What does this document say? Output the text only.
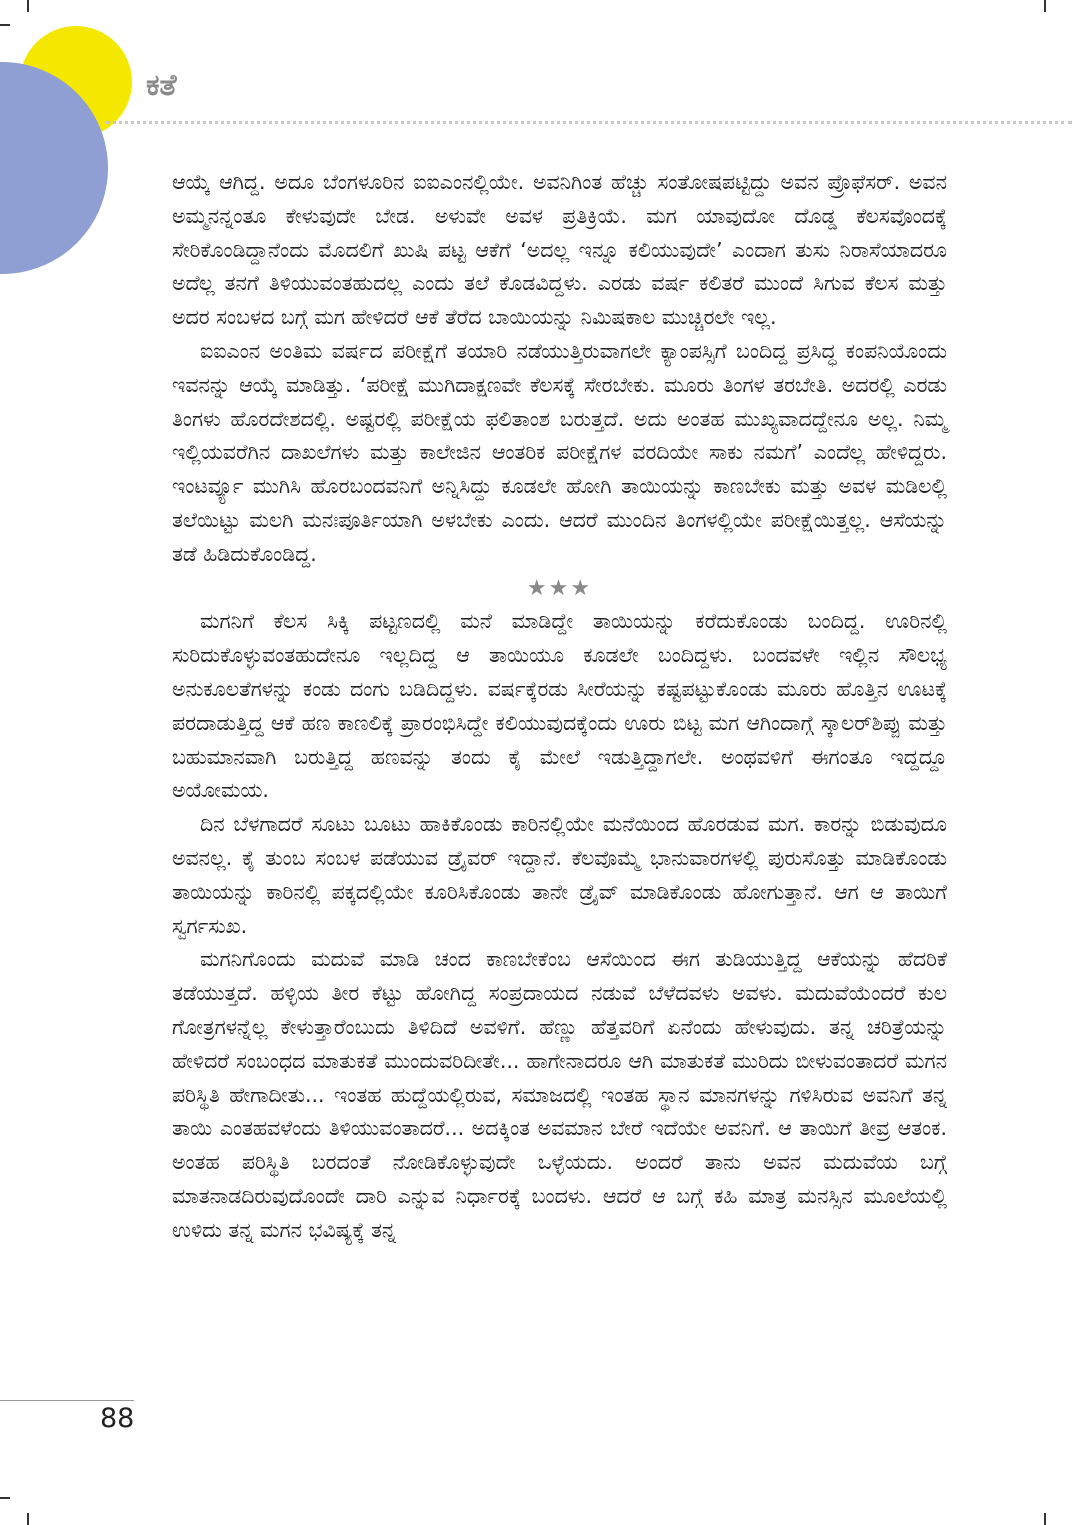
ಕತೆ

ಆಯ್ಕೆ ಆಗಿದ್ದ. ಅದೂ ಬೆಂಗಳೂರಿನ ಐಐಎಂನಲ್ಲಿಯೇ. ಅವನಿಗಿಂತ ಹೆಚ್ಚು ಸಂತೋಷಪಟ್ಟಿದ್ದು ಅವನ ಪ್ರೊಫೆಸರ್. ಅವನ ಅಮ್ಮನನ್ನಂತೂ ಕೇಳುವುದೇ ಬೇಡ. ಅಳುವೇ ಅವಳ ಪ್ರತಿಕ್ರಿಯೆ. ಮಗ ಯಾವುದೋ ದೊಡ್ಡ ಕೆಲಸವೊಂದಕ್ಕೆ ಸೇರಿಕೊಂಡಿದ್ದಾನೆಂದು ಮೊದಲಿಗೆ ಖುಷಿ ಪಟ್ಟ ಆಕೆಗೆ ‘ಅದಲ್ಲ ಇನ್ನೂ ಕಲಿಯುವುದೇ’ ಎಂದಾಗ ತುಸು ನಿರಾಸೆಯಾದರೂ ಅದೆಲ್ಲ ತನಗೆ ತಿಳಿಯುವಂತಹುದಲ್ಲ ಎಂದು ತಲೆ ಕೊಡವಿದ್ದಳು. ಎರಡು ವರ್ಷ ಕಲಿತರೆ ಮುಂದೆ ಸಿಗುವ ಕೆಲಸ ಮತ್ತು ಅದರ ಸಂಬಳದ ಬಗ್ಗೆ ಮಗ ಹೇಳಿದರೆ ಆಕೆ ತೆರೆದ ಬಾಯಿಯನ್ನು ನಿಮಿಷಕಾಲ ಮುಚ್ಚಿರಲೇ ಇಲ್ಲ.

ಐಐಎಂನ ಅಂತಿಮ ವರ್ಷದ ಪರೀಕ್ಷೆಗೆ ತಯಾರಿ ನಡೆಯುತ್ತಿರುವಾಗಲೇ ಕ್ಯಾಂಪಸ್ಸಿಗೆ ಬಂದಿದ್ದ ಪ್ರಸಿದ್ಧ ಕಂಪನಿಯೊಂದು ಇವನನ್ನು ಆಯ್ಕೆ ಮಾಡಿತ್ತು. ‘ಪರೀಕ್ಷೆ ಮುಗಿದಾಕ್ಷಣವೇ ಕೆಲಸಕ್ಕೆ ಸೇರಬೇಕು. ಮೂರು ತಿಂಗಳ ತರಬೇತಿ. ಅದರಲ್ಲಿ ಎರಡು ತಿಂಗಳು ಹೊರದೇಶದಲ್ಲಿ. ಅಷ್ಟರಲ್ಲಿ ಪರೀಕ್ಷೆಯ ಫಲಿತಾಂಶ ಬರುತ್ತದೆ. ಅದು ಅಂತಹ ಮುಖ್ಯವಾದದ್ದೇನೂ ಅಲ್ಲ. ನಿಮ್ಮ ಇಲ್ಲಿಯವರೆಗಿನ ದಾಖಲೆಗಳು ಮತ್ತು ಕಾಲೇಜಿನ ಆಂತರಿಕ ಪರೀಕ್ಷೆಗಳ ವರದಿಯೇ ಸಾಕು ನಮಗೆ’ ಎಂದೆಲ್ಲ ಹೇಳಿದ್ದರು. ಇಂಟರ್ವ್ಯೂ ಮುಗಿಸಿ ಹೊರಬಂದವನಿಗೆ ಅನ್ನಿಸಿದ್ದು ಕೂಡಲೇ ಹೋಗಿ ತಾಯಿಯನ್ನು ಕಾಣಬೇಕು ಮತ್ತು ಅವಳ ಮಡಿಲಲ್ಲಿ ತಲೆಯಿಟ್ಟು ಮಲಗಿ ಮನಃಪೂರ್ತಿಯಾಗಿ ಅಳಬೇಕು ಎಂದು. ಆದರೆ ಮುಂದಿನ ತಿಂಗಳಲ್ಲಿಯೇ ಪರೀಕ್ಷೆಯಿತ್ತಲ್ಲ. ಆಸೆಯನ್ನು ತಡೆ ಹಿಡಿದುಕೊಂಡಿದ್ದ.

★★★

ಮಗನಿಗೆ ಕೆಲಸ ಸಿಕ್ಕಿ ಪಟ್ಟಣದಲ್ಲಿ ಮನೆ ಮಾಡಿದ್ದೇ ತಾಯಿಯನ್ನು ಕರೆದುಕೊಂಡು ಬಂದಿದ್ದ. ಊರಿನಲ್ಲಿ ಸುರಿದುಕೊಳ್ಳುವಂತಹುದೇನೂ ಇಲ್ಲದಿದ್ದ ಆ ತಾಯಿಯೂ ಕೂಡಲೇ ಬಂದಿದ್ದಳು. ಬಂದವಳೇ ಇಲ್ಲಿನ ಸೌಲಭ್ಯ ಅನುಕೂಲತೆಗಳನ್ನು ಕಂಡು ದಂಗು ಬಡಿದಿದ್ದಳು. ವರ್ಷಕ್ಕೆರಡು ಸೀರೆಯನ್ನು ಕಷ್ಟಪಟ್ಟುಕೊಂಡು ಮೂರು ಹೊತ್ತಿನ ಊಟಕ್ಕೆ ಪರದಾಡುತ್ತಿದ್ದ ಆಕೆ ಹಣ ಕಾಣಲಿಕ್ಕೆ ಪ್ರಾರಂಭಿಸಿದ್ದೇ ಕಲಿಯುವುದಕ್ಕೆಂದು ಊರು ಬಿಟ್ಟ ಮಗ ಆಗಿಂದಾಗ್ಗೆ ಸ್ಕಾಲರ್‌ಶಿಪ್ಪು ಮತ್ತು ಬಹುಮಾನವಾಗಿ ಬರುತ್ತಿದ್ದ ಹಣವನ್ನು ತಂದು ಕೈ ಮೇಲೆ ಇಡುತ್ತಿದ್ದಾಗಲೇ. ಅಂಥವಳಿಗೆ ಈಗಂತೂ ಇದ್ದದ್ದೂ ಅಯೋಮಯ.

ದಿನ ಬೆಳಗಾದರೆ ಸೂಟು ಬೂಟು ಹಾಕಿಕೊಂಡು ಕಾರಿನಲ್ಲಿಯೇ ಮನೆಯಿಂದ ಹೊರಡುವ ಮಗ. ಕಾರನ್ನು ಬಿಡುವುದೂ ಅವನಲ್ಲ. ಕೈ ತುಂಬ ಸಂಬಳ ಪಡೆಯುವ ಡ್ರೈವರ್ ಇದ್ದಾನೆ. ಕೆಲವೊಮ್ಮೆ ಭಾನುವಾರಗಳಲ್ಲಿ ಪುರುಸೊತ್ತು ಮಾಡಿಕೊಂಡು ತಾಯಿಯನ್ನು ಕಾರಿನಲ್ಲಿ ಪಕ್ಕದಲ್ಲಿಯೇ ಕೂರಿಸಿಕೊಂಡು ತಾನೇ ಡ್ರೈವ್ ಮಾಡಿಕೊಂಡು ಹೋಗುತ್ತಾನೆ. ಆಗ ಆ ತಾಯಿಗೆ ಸ್ವರ್ಗಸುಖ.

ಮಗನಿಗೊಂದು ಮದುವೆ ಮಾಡಿ ಚಂದ ಕಾಣಬೇಕೆಂಬ ಆಸೆಯಿಂದ ಈಗ ತುಡಿಯುತ್ತಿದ್ದ ಆಕೆಯನ್ನು ಹೆದರಿಕೆ ತಡೆಯುತ್ತದೆ. ಹಳ್ಳಿಯ ತೀರ ಕೆಟ್ಟು ಹೋಗಿದ್ದ ಸಂಪ್ರದಾಯದ ನಡುವೆ ಬೆಳೆದವಳು ಅವಳು. ಮದುವೆಯೆಂದರೆ ಕುಲ ಗೋತ್ರಗಳನ್ನೆಲ್ಲ ಕೇಳುತ್ತಾರೆಂಬುದು ತಿಳಿದಿದೆ ಅವಳಿಗೆ. ಹೆಣ್ಣು ಹೆತ್ತವರಿಗೆ ಏನೆಂದು ಹೇಳುವುದು. ತನ್ನ ಚರಿತ್ರೆಯನ್ನು ಹೇಳಿದರೆ ಸಂಬಂಧದ ಮಾತುಕತೆ ಮುಂದುವರಿದೀತೇ... ಹಾಗೇನಾದರೂ ಆಗಿ ಮಾತುಕತೆ ಮುರಿದು ಬೀಳುವಂತಾದರೆ ಮಗನ ಪರಿಸ್ಥಿತಿ ಹೇಗಾದೀತು... ಇಂತಹ ಹುದ್ದೆಯಲ್ಲಿರುವ, ಸಮಾಜದಲ್ಲಿ ಇಂತಹ ಸ್ಥಾನ ಮಾನಗಳನ್ನು ಗಳಿಸಿರುವ ಅವನಿಗೆ ತನ್ನ ತಾಯಿ ಎಂತಹವಳೆಂದು ತಿಳಿಯುವಂತಾದರೆ... ಅದಕ್ಕಿಂತ ಅವಮಾನ ಬೇರೆ ಇದೆಯೇ ಅವನಿಗೆ. ಆ ತಾಯಿಗೆ ತೀವ್ರ ಆತಂಕ. ಅಂತಹ ಪರಿಸ್ಥಿತಿ ಬರದಂತೆ ನೋಡಿಕೊಳ್ಳುವುದೇ ಒಳ್ಳೆಯದು. ಅಂದರೆ ತಾನು ಅವನ ಮದುವೆಯ ಬಗ್ಗೆ ಮಾತನಾಡದಿರುವುದೊಂದೇ ದಾರಿ ಎನ್ನುವ ನಿರ್ಧಾರಕ್ಕೆ ಬಂದಳು. ಆದರೆ ಆ ಬಗ್ಗೆ ಕಹಿ ಮಾತ್ರ ಮನಸ್ಸಿನ ಮೂಲೆಯಲ್ಲಿ ಉಳಿದು ತನ್ನ ಮಗನ ಭವಿಷ್ಯಕ್ಕೆ ತನ್ನ

88
